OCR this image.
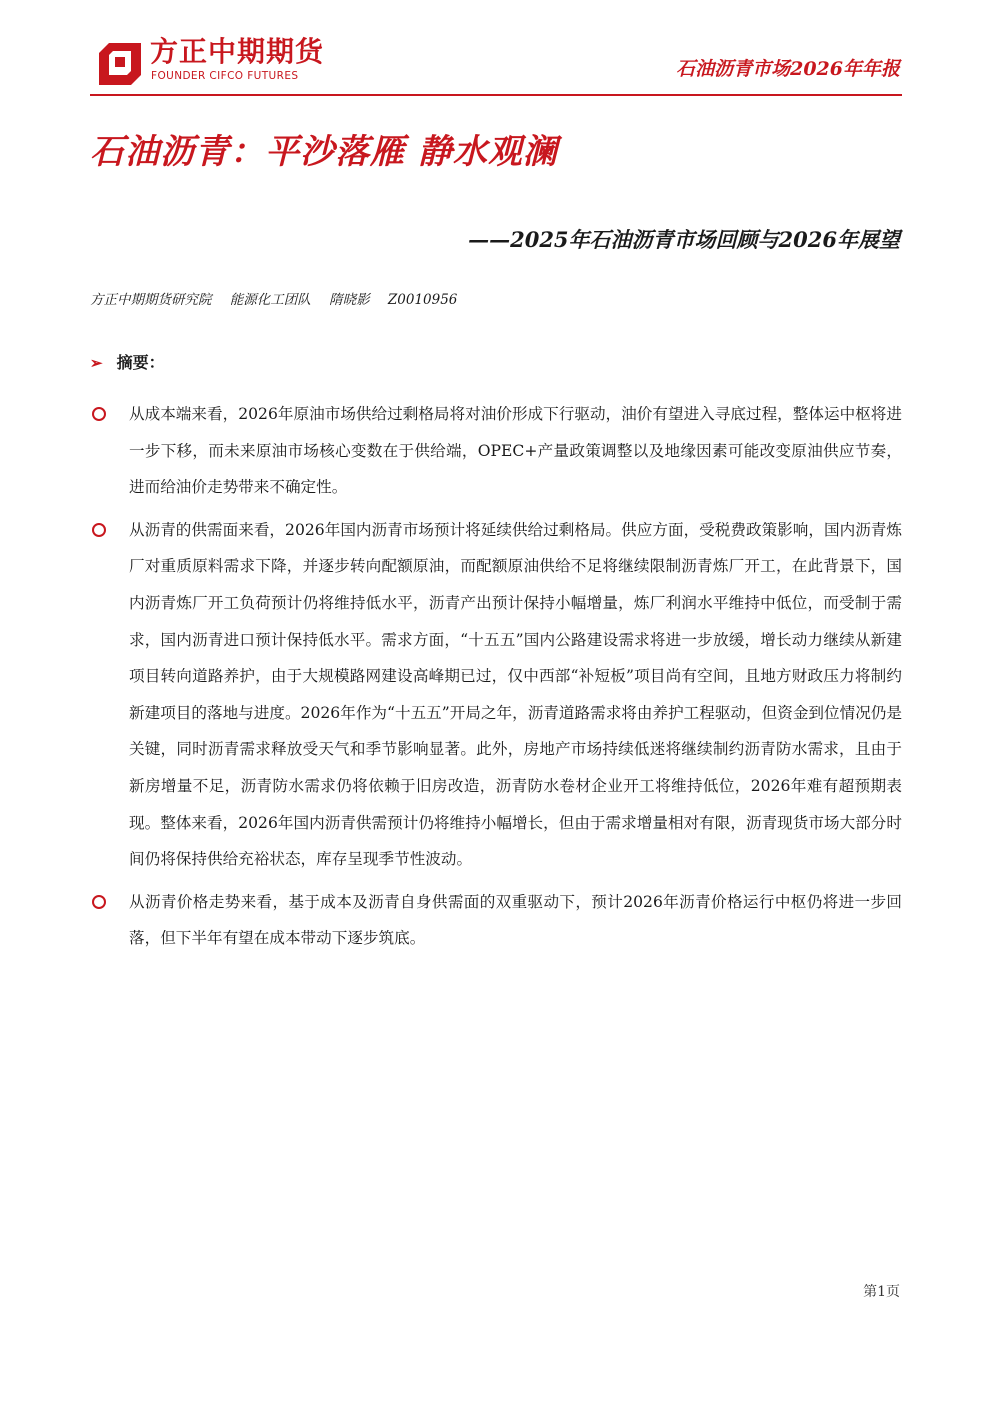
方正中期期货
FOUNDER CIFCO FUTURES	石油沥青市场2026年年报
石油沥青：平沙落雁 静水观澜
——2025年石油沥青市场回顾与2026年展望
方正中期期货研究院 能源化工团队 隋晓影 Z0010956
➢ 摘要：
从成本端来看，2026年原油市场供给过剩格局将对油价形成下行驱动，油价有望进入寻底过程，整体运中枢将进一步下移，而未来原油市场核心变数在于供给端，OPEC+产量政策调整以及地缘因素可能改变原油供应节奏，进而给油价走势带来不确定性。
从沥青的供需面来看，2026年国内沥青市场预计将延续供给过剩格局。供应方面，受税费政策影响，国内沥青炼厂对重质原料需求下降，并逐步转向配额原油，而配额原油供给不足将继续限制沥青炼厂开工，在此背景下，国内沥青炼厂开工负荷预计仍将维持低水平，沥青产出预计保持小幅增量，炼厂利润水平维持中低位，而受制于需求，国内沥青进口预计保持低水平。需求方面，“十五五”国内公路建设需求将进一步放缓，增长动力继续从新建项目转向道路养护，由于大规模路网建设高峰期已过，仅中西部“补短板”项目尚有空间，且地方财政压力将制约新建项目的落地与进度。2026年作为“十五五”开局之年，沥青道路需求将由养护工程驱动，但资金到位情况仍是关键，同时沥青需求释放受天气和季节影响显著。此外，房地产市场持续低迷将继续制约沥青防水需求，且由于新房增量不足，沥青防水需求仍将依赖于旧房改造，沥青防水卷材企业开工将维持低位，2026年难有超预期表现。整体来看，2026年国内沥青供需预计仍将维持小幅增长，但由于需求增量相对有限，沥青现货市场大部分时间仍将保持供给充裕状态，库存呈现季节性波动。
从沥青价格走势来看，基于成本及沥青自身供需面的双重驱动下，预计2026年沥青价格运行中枢仍将进一步回落，但下半年有望在成本带动下逐步筑底。
第1页
